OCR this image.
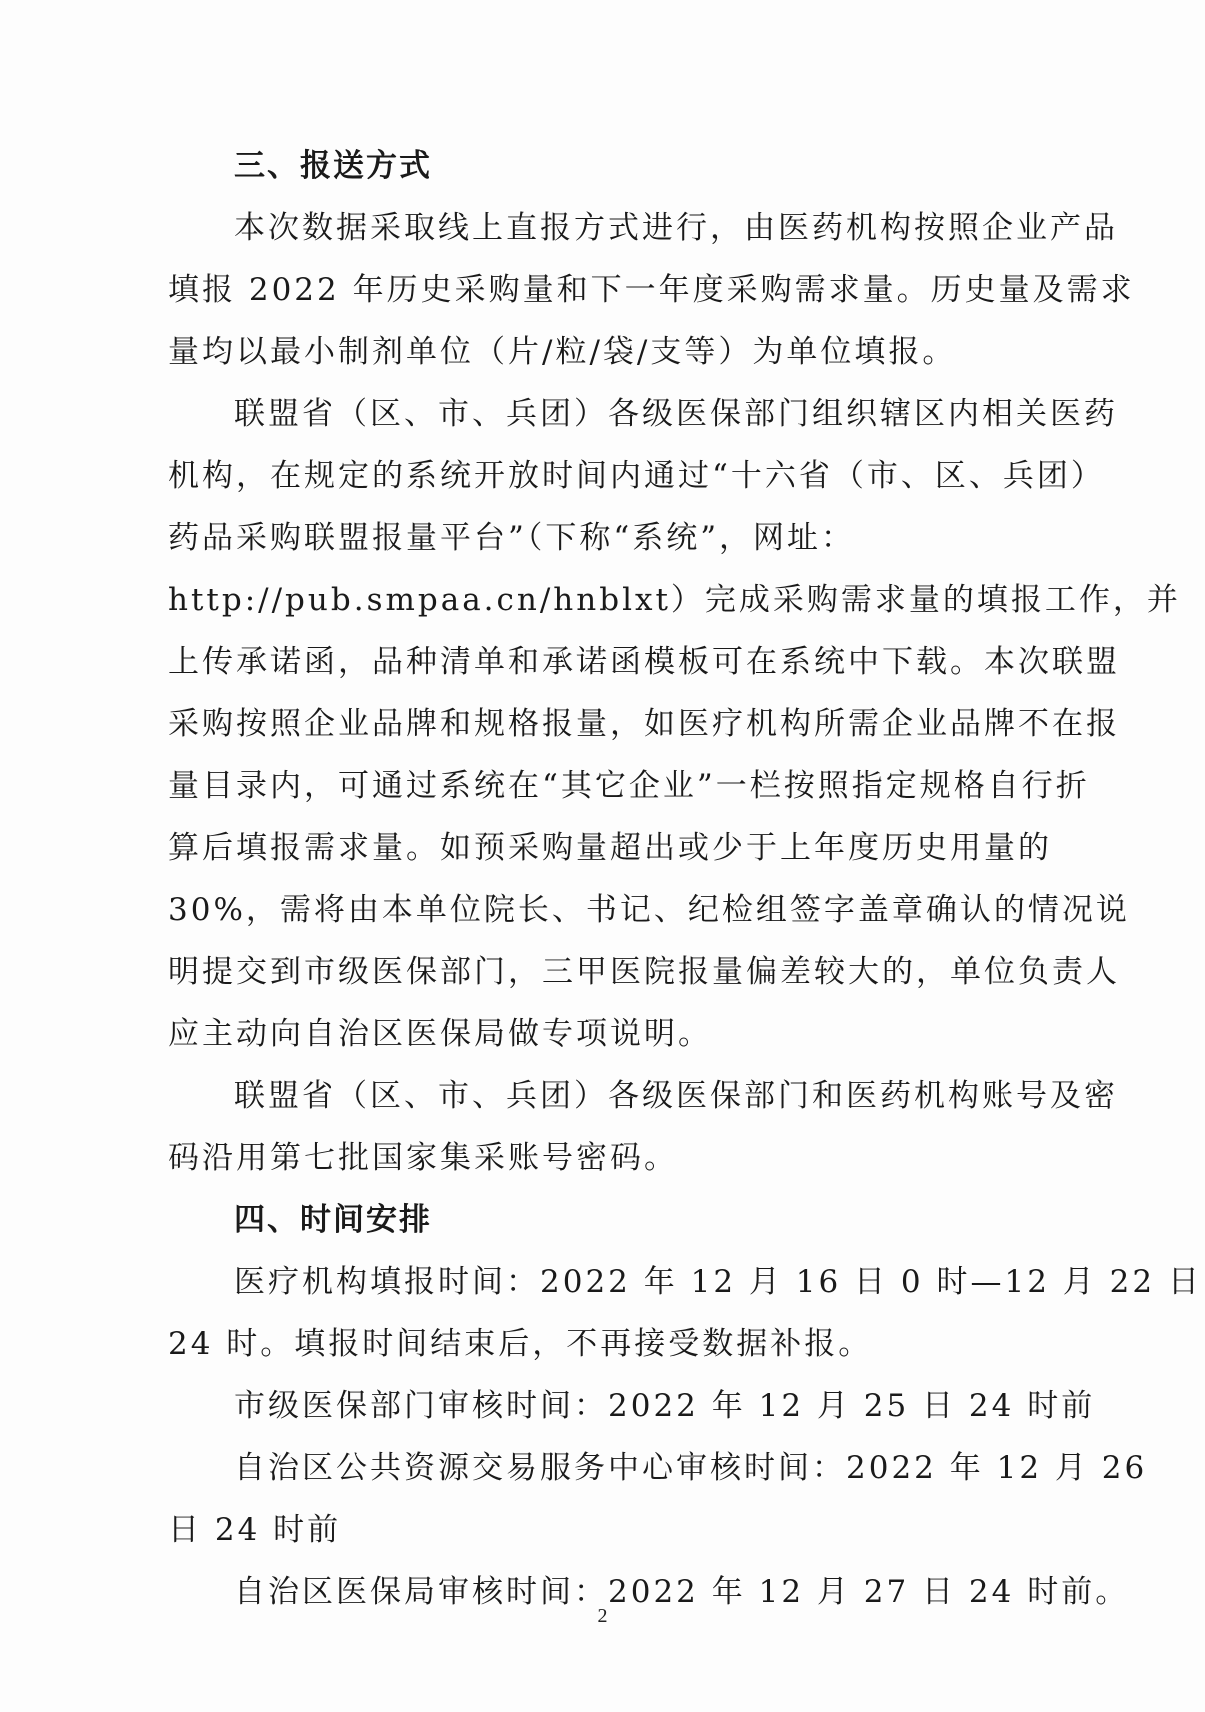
三、报送方式
本次数据采取线上直报方式进行，由医药机构按照企业产品
填报 2022 年历史采购量和下一年度采购需求量。历史量及需求
量均以最小制剂单位（片/粒/袋/支等）为单位填报。
联盟省（区、市、兵团）各级医保部门组织辖区内相关医药
机构，在规定的系统开放时间内通过“十六省（市、区、兵团）
药品采购联盟报量平台”（下称“系统”，网址：
http://pub.smpaa.cn/hnblxt）完成采购需求量的填报工作，并
上传承诺函，品种清单和承诺函模板可在系统中下载。本次联盟
采购按照企业品牌和规格报量，如医疗机构所需企业品牌不在报
量目录内，可通过系统在“其它企业”一栏按照指定规格自行折
算后填报需求量。如预采购量超出或少于上年度历史用量的
30%，需将由本单位院长、书记、纪检组签字盖章确认的情况说
明提交到市级医保部门，三甲医院报量偏差较大的，单位负责人
应主动向自治区医保局做专项说明。
联盟省（区、市、兵团）各级医保部门和医药机构账号及密
码沿用第七批国家集采账号密码。
四、时间安排
医疗机构填报时间：2022 年 12 月 16 日 0 时—12 月 22 日
24 时。填报时间结束后，不再接受数据补报。
市级医保部门审核时间：2022 年 12 月 25 日 24 时前
自治区公共资源交易服务中心审核时间：2022 年 12 月 26
日 24 时前
自治区医保局审核时间：2022 年 12 月 27 日 24 时前。
2
